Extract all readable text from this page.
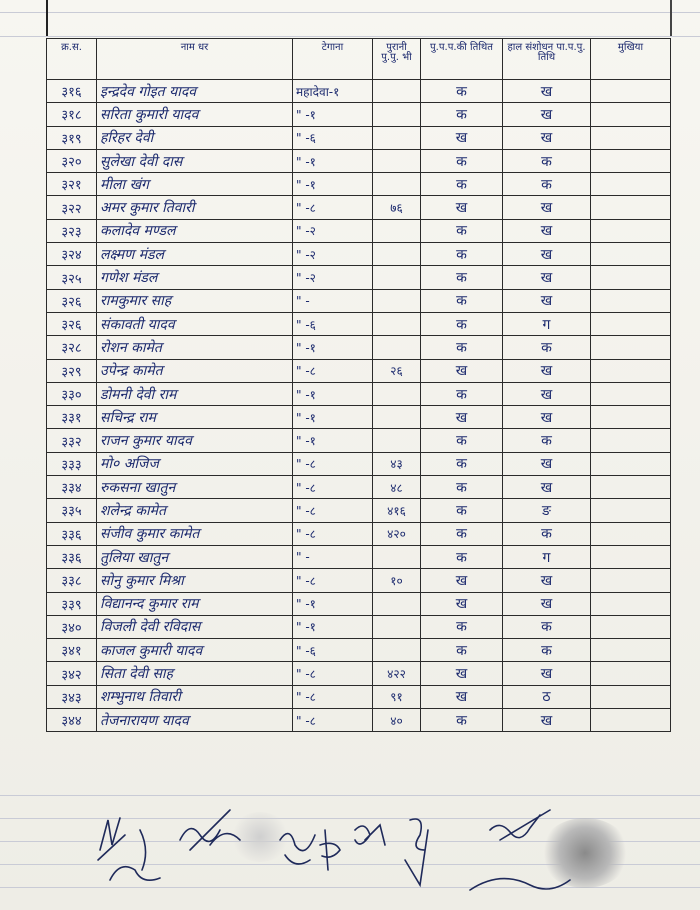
क्र.स.	नाम धर	टेगाना	पुरानी पु.पु. भी	पु.प.प.की तिथित	हाल संशोधन पा.प.पु. तिथि	मुखिया
३१६	इन्द्रदेव गोइत यादव	महादेवा-१		क	ख	
३१८	सरिता कुमारी यादव	" -१		क	ख	
३१९	हरिहर देवी	" -६		ख	ख	
३२०	सुलेखा देवी दास	" -१		क	क	
३२१	मीला खंग	" -१		क	क	
३२२	अमर कुमार तिवारी	" -८	७६	ख	ख	
३२३	कलादेव मण्डल	" -२		क	ख	
३२४	लक्ष्मण मंडल	" -२		क	ख	
३२५	गणेश मंडल	" -२		क	ख	
३२६	रामकुमार साह	" -		क	ख	
३२६	संकावती यादव	" -६		क	ग	
३२८	रोशन कामेत	" -१		क	क	
३२९	उपेन्द्र कामेत	" -८	२६	ख	ख	
३३०	डोमनी देवी राम	" -१		क	ख	
३३१	सचिन्द्र राम	" -१		ख	ख	
३३२	राजन कुमार यादव	" -१		क	क	
३३३	मो० अजिज	" -८	४३	क	ख	
३३४	रुकसना खातुन	" -८	४८	क	ख	
३३५	शलेन्द्र कामेत	" -८	४१६	क	ङ	
३३६	संजीव कुमार कामेत	" -८	४२०	क	क	
३३६	तुलिया खातुन	" -		क	ग	
३३८	सोनु कुमार मिश्रा	" -८	१०	ख	ख	
३३९	विद्यानन्द कुमार राम	" -१		ख	ख	
३४०	विजली देवी रविदास	" -१		क	क	
३४१	काजल कुमारी यादव	" -६		क	क	
३४२	सिता देवी साह	" -८	४२२	ख	ख	
३४३	शम्भुनाथ तिवारी	" -८	९१	ख	ठ	
३४४	तेजनारायण यादव	" -८	४०	क	ख	
